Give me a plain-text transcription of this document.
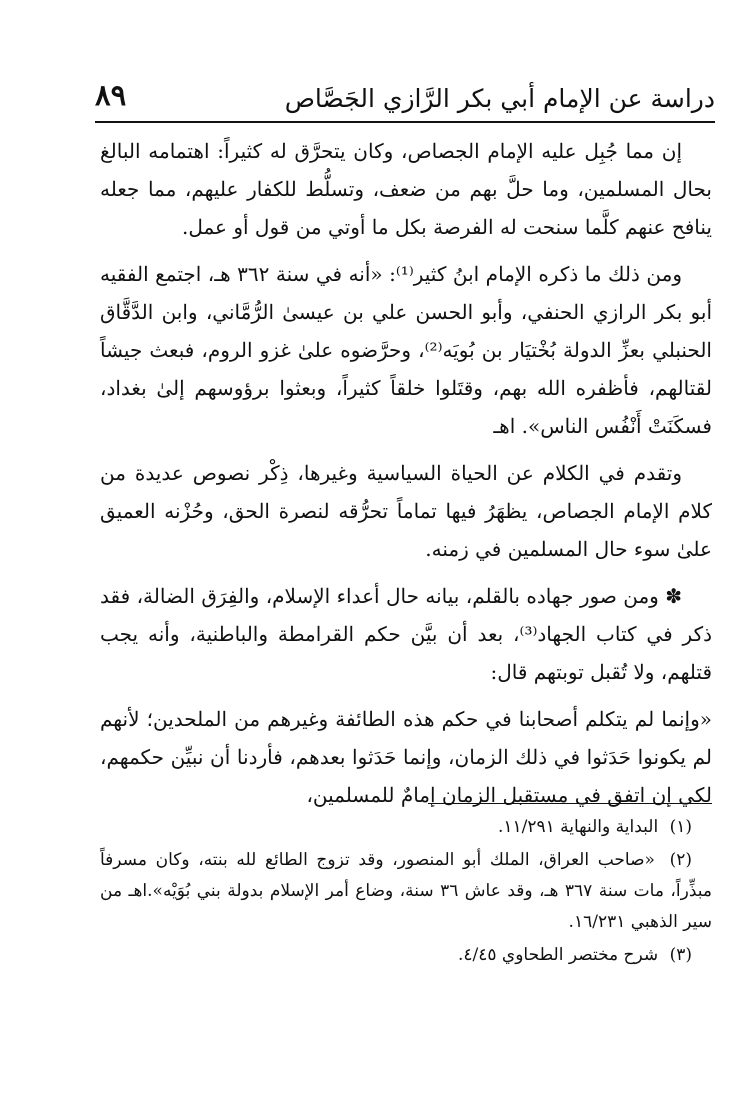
دراسة عن الإمام أبي بكر الرَّازي الجَصَّاص
٨٩

إن مما جُبِل عليه الإمام الجصاص، وكان يتحرَّق له كثيراً: اهتمامه البالغ بحال المسلمين، وما حلَّ بهم من ضعف، وتسلُّط للكفار عليهم، مما جعله ينافح عنهم كلَّما سنحت له الفرصة بكل ما أوتي من قول أو عمل.

ومن ذلك ما ذكره الإمام ابنُ كثير⁽¹⁾: «أنه في سنة ٣٦٢ هـ، اجتمع الفقيه أبو بكر الرازي الحنفي، وأبو الحسن علي بن عيسىٰ الرُّمَّاني، وابن الدَّقَّاق الحنبلي بعزِّ الدولة بُخْتيَار بن بُويَه⁽²⁾، وحرَّضوه علىٰ غزو الروم، فبعث جيشاً لقتالهم، فأظفره الله بهم، وقتَلوا خلقاً كثيراً، وبعثوا برؤوسهم إلىٰ بغداد، فسكَنَتْ أَنْفُس الناس». اهـ

وتقدم في الكلام عن الحياة السياسية وغيرها، ذِكْر نصوص عديدة من كلام الإمام الجصاص، يظهَرُ فيها تماماً تحرُّقه لنصرة الحق، وحُزْنه العميق علىٰ سوء حال المسلمين في زمنه.

✽ ومن صور جهاده بالقلم، بيانه حال أعداء الإسلام، والفِرَق الضالة، فقد ذكر في كتاب الجهاد⁽³⁾، بعد أن بيَّن حكم القرامطة والباطنية، وأنه يجب قتلهم، ولا تُقبل توبتهم قال:

«وإنما لم يتكلم أصحابنا في حكم هذه الطائفة وغيرهم من الملحدين؛ لأنهم لم يكونوا حَدَثوا في ذلك الزمان، وإنما حَدَثوا بعدهم، فأردنا أن نبيِّن حكمهم، لكي إن اتفق في مستقبل الزمان إمامٌ للمسلمين،

(١) البداية والنهاية ١١/٢٩١.

(٢) «صاحب العراق، الملك أبو المنصور، وقد تزوج الطائع لله بنته، وكان مسرفاً مبذِّراً، مات سنة ٣٦٧ هـ، وقد عاش ٣٦ سنة، وضاع أمر الإسلام بدولة بني بُوَيْه».اهـ من سير الذهبي ١٦/٢٣١.

(٣) شرح مختصر الطحاوي ٤/٤٥.
